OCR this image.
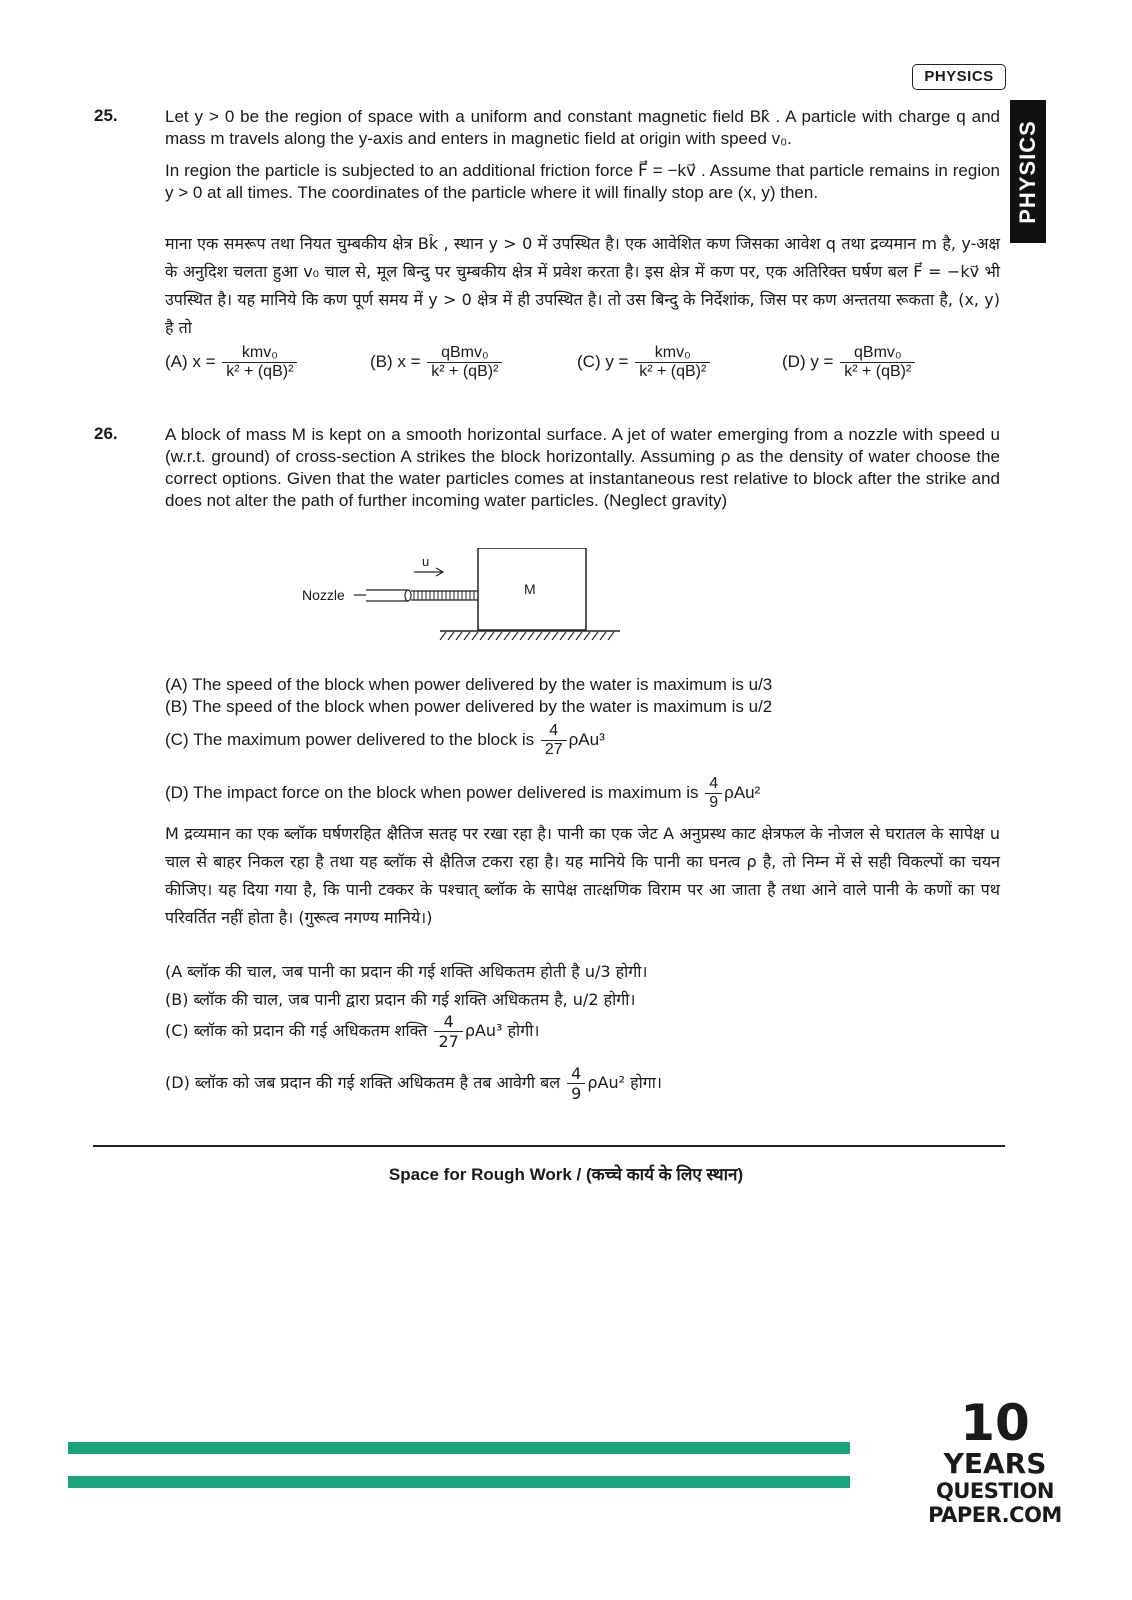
PHYSICS
PHYSICS
25.	Let y > 0 be the region of space with a uniform and constant magnetic field Bk̂ . A particle with charge q and mass m travels along the y-axis and enters in magnetic field at origin with speed v₀.
In region the particle is subjected to an additional friction force F⃗ = −kv⃗ . Assume that particle remains in region y > 0 at all times. The coordinates of the particle where it will finally stop are (x, y) then.
माना एक समरूप तथा नियत चुम्बकीय क्षेत्र Bk̂ , स्थान y > 0 में उपस्थित है। एक आवेशित कण जिसका आवेश q तथा द्रव्यमान m है, y-अक्ष के अनुदिश चलता हुआ v₀ चाल से, मूल बिन्दु पर चुम्बकीय क्षेत्र में प्रवेश करता है। इस क्षेत्र में कण पर, एक अतिरिक्त घर्षण बल F⃗ = −kv⃗ भी उपस्थित है। यह मानिये कि कण पूर्ण समय में y > 0 क्षेत्र में ही उपस्थित है। तो उस बिन्दु के निर्देशांक, जिस पर कण अन्ततया रूकता है, (x, y) है तो
(A) $x = \frac{\text{kmv₀}}{\text{k² + (qB)²}}$	(B) $x = \frac{\text{qBmv₀}}{\text{k² + (qB)²}}$	(C) $y = \frac{\text{kmv₀}}{\text{k² + (qB)²}}$	(D) $y = \frac{\text{qBmv₀}}{\text{k² + (qB)²}}$
26.	A block of mass M is kept on a smooth horizontal surface. A jet of water emerging from a nozzle with speed u (w.r.t. ground) of cross-section A strikes the block horizontally. Assuming ρ as the density of water choose the correct options. Given that the water particles comes at instantaneous rest relative to block after the strike and does not alter the path of further incoming water particles. (Neglect gravity)
Nozzle
u
M
(A) The speed of the block when power delivered by the water is maximum is u/3
(B) The speed of the block when power delivered by the water is maximum is u/2
(C) The maximum power delivered to the block is $\frac{4}{27} \rho Au^3$
(D) The impact force on the block when power delivered is maximum is $\frac{4}{9} \rho Au^2$
M द्रव्यमान का एक ब्लॉक घर्षणरहित क्षैतिज सतह पर रखा रहा है। पानी का एक जेट A अनुप्रस्थ काट क्षेत्रफल के नोजल से घरातल के सापेक्ष u चाल से बाहर निकल रहा है तथा यह ब्लॉक से क्षैतिज टकरा रहा है। यह मानिये कि पानी का घनत्व ρ है, तो निम्न में से सही विकल्पों का चयन कीजिए। यह दिया गया है, कि पानी टक्कर के पश्चात् ब्लॉक के सापेक्ष तात्क्षणिक विराम पर आ जाता है तथा आने वाले पानी के कणों का पथ परिवर्तित नहीं होता है। (गुरूत्व नगण्य मानिये।)
(A ब्लॉक की चाल, जब पानी का प्रदान की गई शक्ति अधिकतम होती है u/3 होगी।
(B) ब्लॉक की चाल, जब पानी द्वारा प्रदान की गई शक्ति अधिकतम है, u/2 होगी।
(C) ब्लॉक को प्रदान की गई अधिकतम शक्ति $\frac{4}{27} \rho Au^3$ होगी।
(D) ब्लॉक को जब प्रदान की गई शक्ति अधिकतम है तब आवेगी बल $\frac{4}{9} \rho Au^2$ होगा।
Space for Rough Work / (कच्चे कार्य के लिए स्थान)
10
YEARS
QUESTION PAPER.COM
